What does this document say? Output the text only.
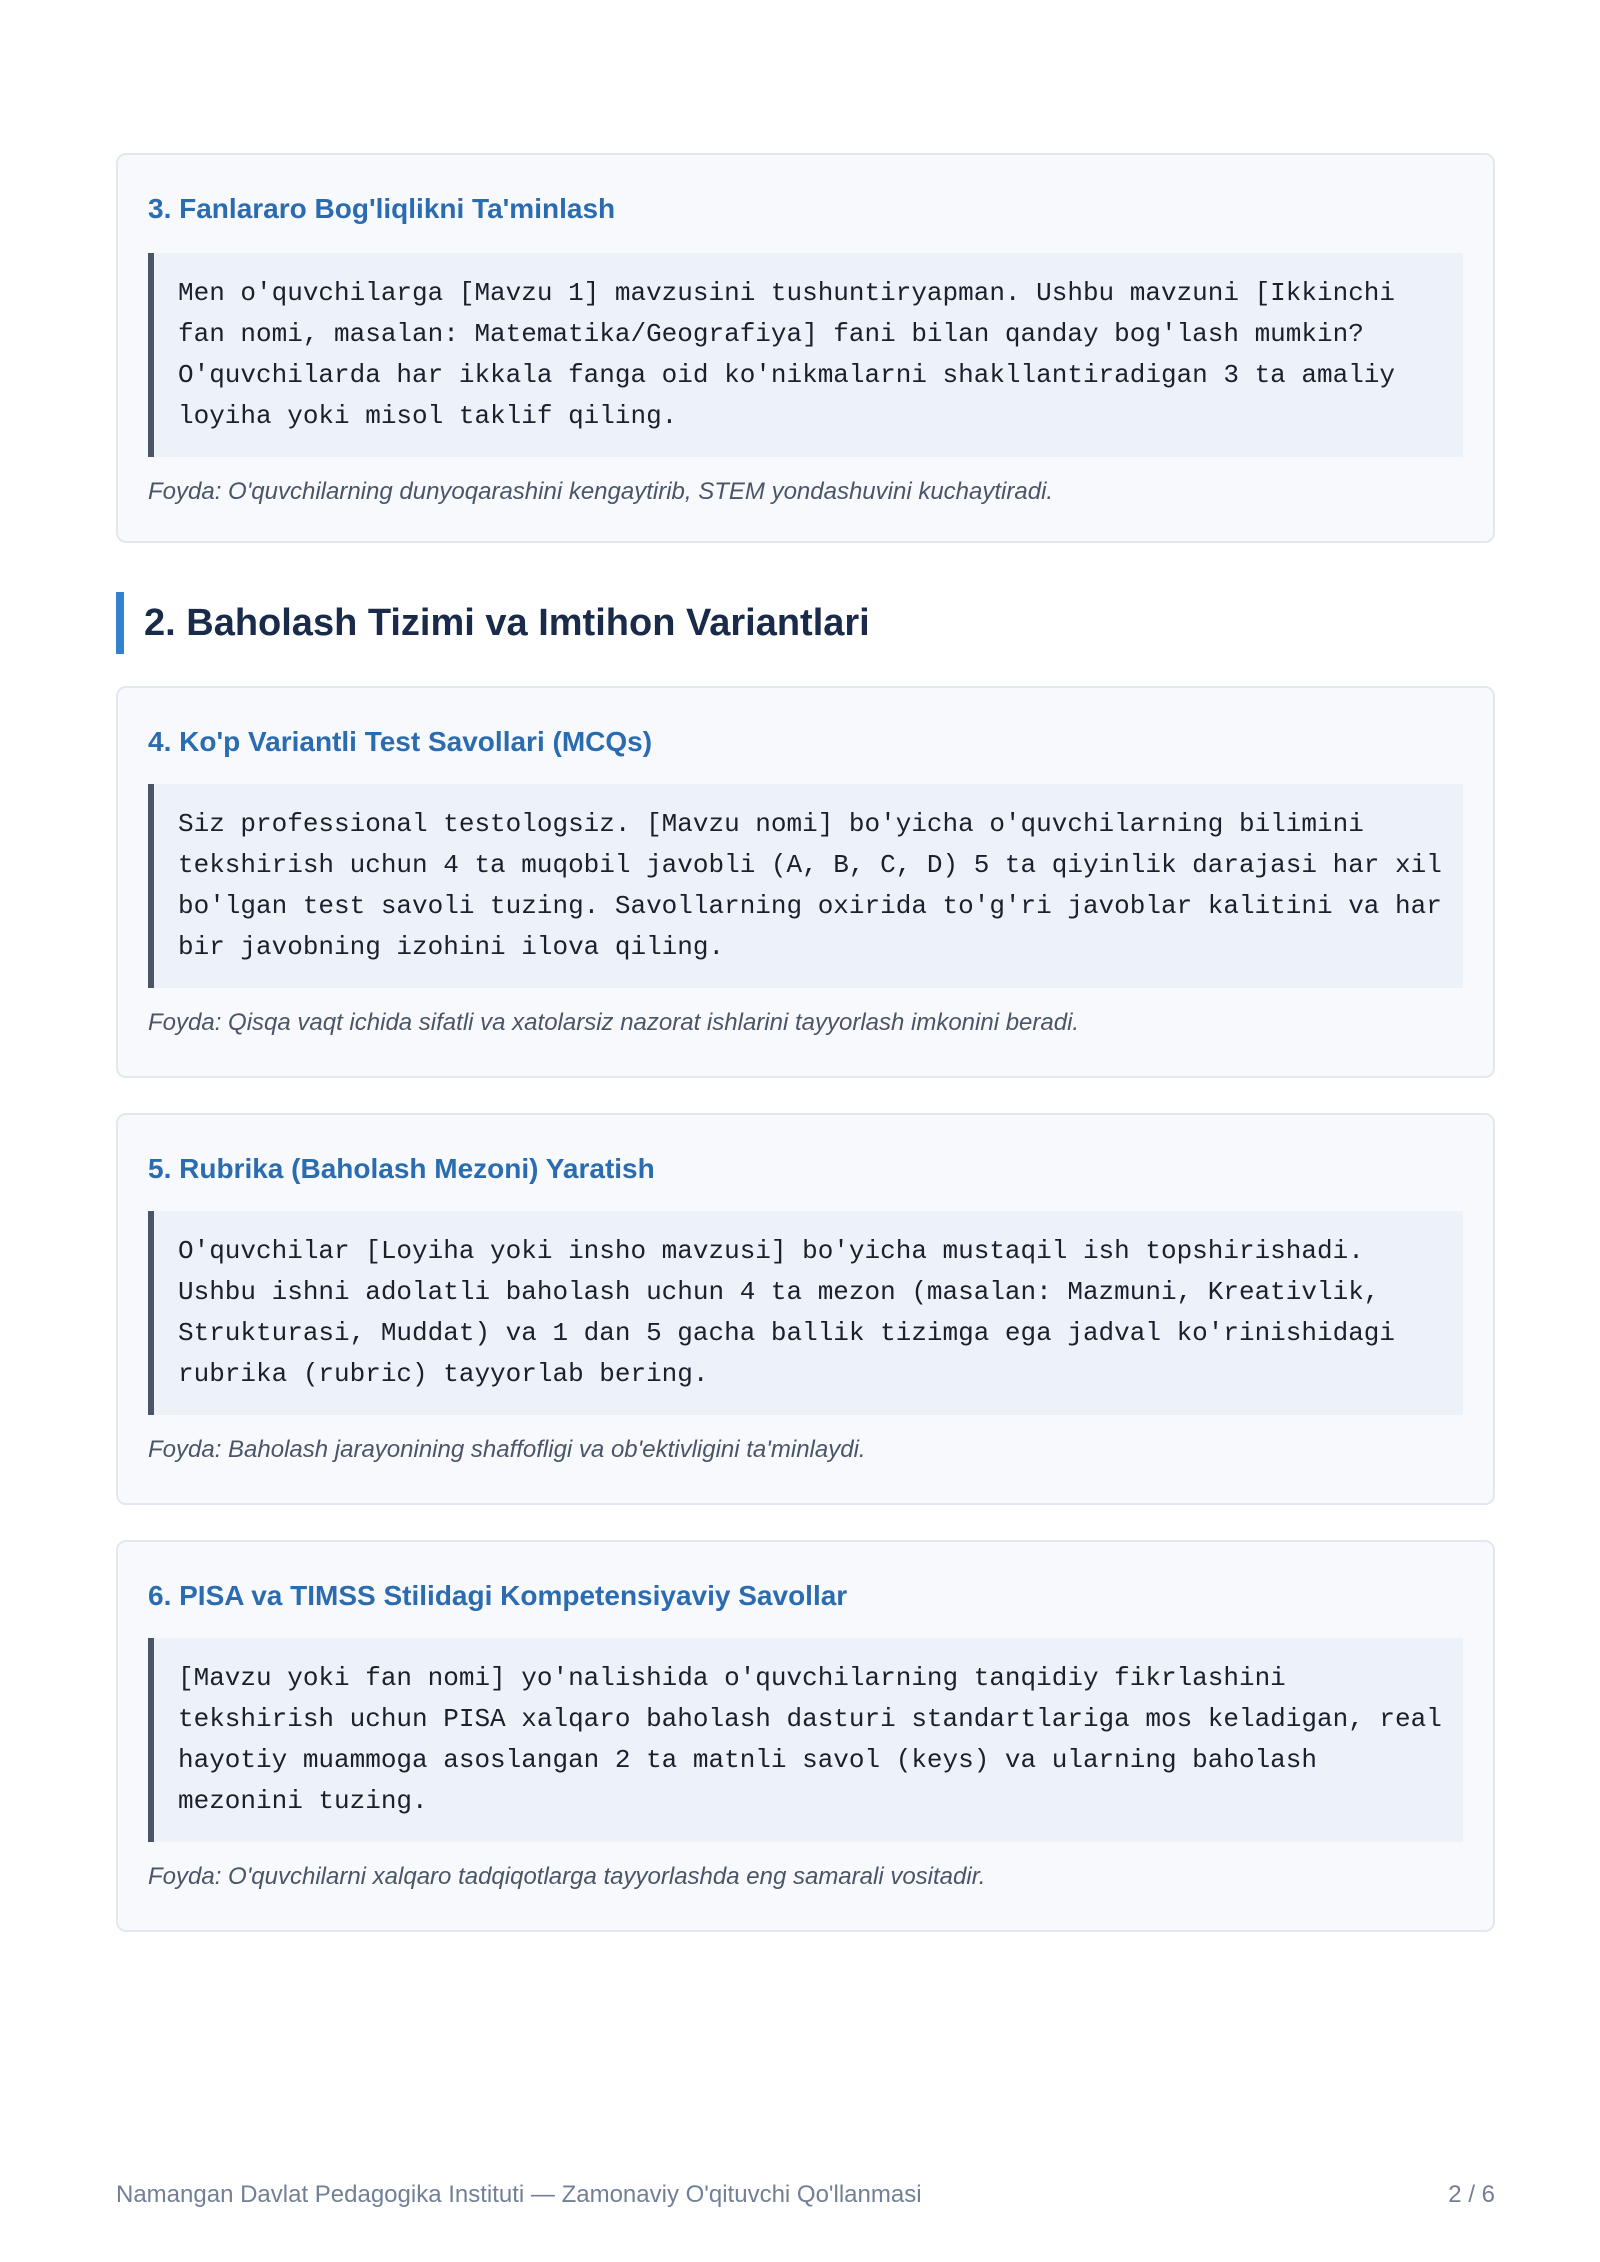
3. Fanlararo Bog'liqlikni Ta'minlash
Men o'quvchilarga [Mavzu 1] mavzusini tushuntiryapman. Ushbu mavzuni [Ikkinchi
fan nomi, masalan: Matematika/Geografiya] fani bilan qanday bog'lash mumkin?
O'quvchilarda har ikkala fanga oid ko'nikmalarni shakllantiradigan 3 ta amaliy
loyiha yoki misol taklif qiling.

Foyda: O'quvchilarning dunyoqarashini kengaytirib, STEM yondashuvini kuchaytiradi.

2. Baholash Tizimi va Imtihon Variantlari
4. Ko'p Variantli Test Savollari (MCQs)
Siz professional testologsiz. [Mavzu nomi] bo'yicha o'quvchilarning bilimini
tekshirish uchun 4 ta muqobil javobli (A, B, C, D) 5 ta qiyinlik darajasi har xil
bo'lgan test savoli tuzing. Savollarning oxirida to'g'ri javoblar kalitini va har
bir javobning izohini ilova qiling.

Foyda: Qisqa vaqt ichida sifatli va xatolarsiz nazorat ishlarini tayyorlash imkonini beradi.

5. Rubrika (Baholash Mezoni) Yaratish
O'quvchilar [Loyiha yoki insho mavzusi] bo'yicha mustaqil ish topshirishadi.
Ushbu ishni adolatli baholash uchun 4 ta mezon (masalan: Mazmuni, Kreativlik,
Strukturasi, Muddat) va 1 dan 5 gacha ballik tizimga ega jadval ko'rinishidagi
rubrika (rubric) tayyorlab bering.

Foyda: Baholash jarayonining shaffofligi va ob'ektivligini ta'minlaydi.

6. PISA va TIMSS Stilidagi Kompetensiyaviy Savollar
[Mavzu yoki fan nomi] yo'nalishida o'quvchilarning tanqidiy fikrlashini
tekshirish uchun PISA xalqaro baholash dasturi standartlariga mos keladigan, real
hayotiy muammoga asoslangan 2 ta matnli savol (keys) va ularning baholash
mezonini tuzing.

Foyda: O'quvchilarni xalqaro tadqiqotlarga tayyorlashda eng samarali vositadir.

Namangan Davlat Pedagogika Instituti — Zamonaviy O'qituvchi Qo'llanmasi	2 / 6
